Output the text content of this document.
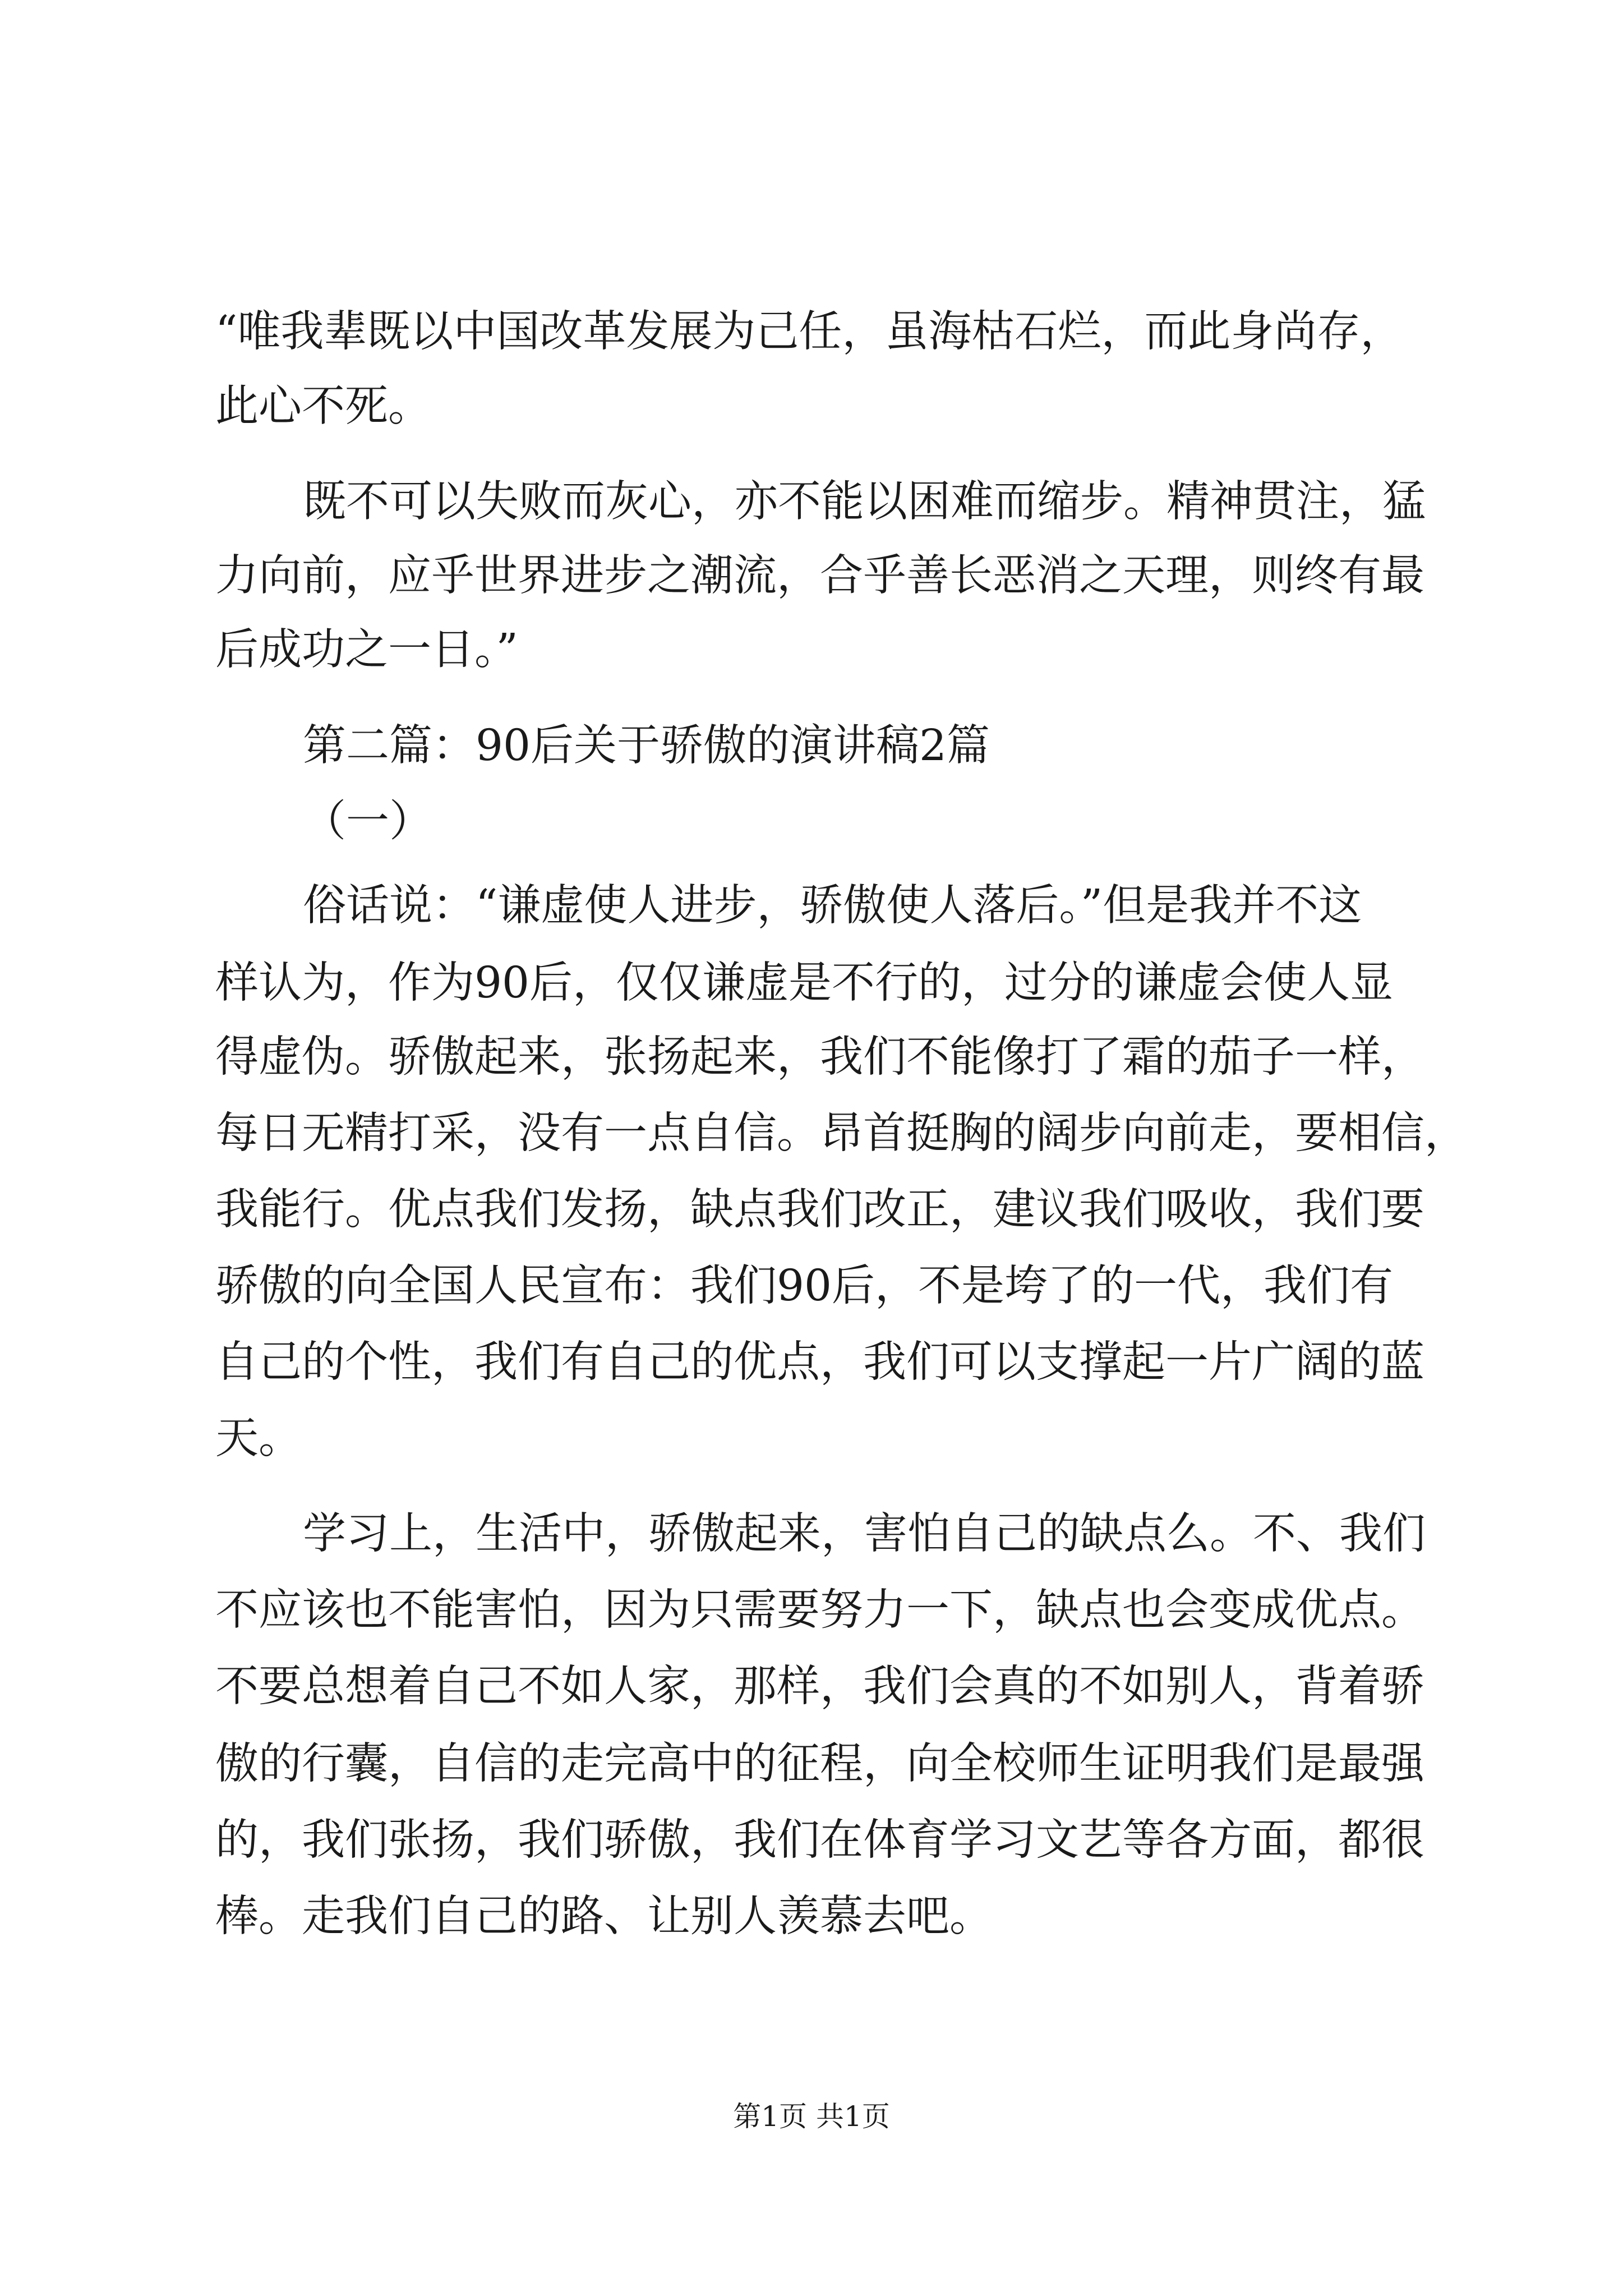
“唯我辈既以中国改革发展为己任，虽海枯石烂，而此身尚存，
此心不死。
既不可以失败而灰心，亦不能以困难而缩步。精神贯注，猛
力向前，应乎世界进步之潮流，合乎善长恶消之天理，则终有最
后成功之一日。”
第二篇：90后关于骄傲的演讲稿2篇
（一）
俗话说：“谦虚使人进步，骄傲使人落后。”但是我并不这
样认为，作为90后，仅仅谦虚是不行的，过分的谦虚会使人显
得虚伪。骄傲起来，张扬起来，我们不能像打了霜的茄子一样，
每日无精打采，没有一点自信。昂首挺胸的阔步向前走，要相信，
我能行。优点我们发扬，缺点我们改正，建议我们吸收，我们要
骄傲的向全国人民宣布：我们90后，不是垮了的一代，我们有
自己的个性，我们有自己的优点，我们可以支撑起一片广阔的蓝
天。
学习上，生活中，骄傲起来，害怕自己的缺点么。不、我们
不应该也不能害怕，因为只需要努力一下，缺点也会变成优点。
不要总想着自己不如人家，那样，我们会真的不如别人，背着骄
傲的行囊，自信的走完高中的征程，向全校师生证明我们是最强
的，我们张扬，我们骄傲，我们在体育学习文艺等各方面，都很
棒。走我们自己的路、让别人羡慕去吧。
第1页 共1页
